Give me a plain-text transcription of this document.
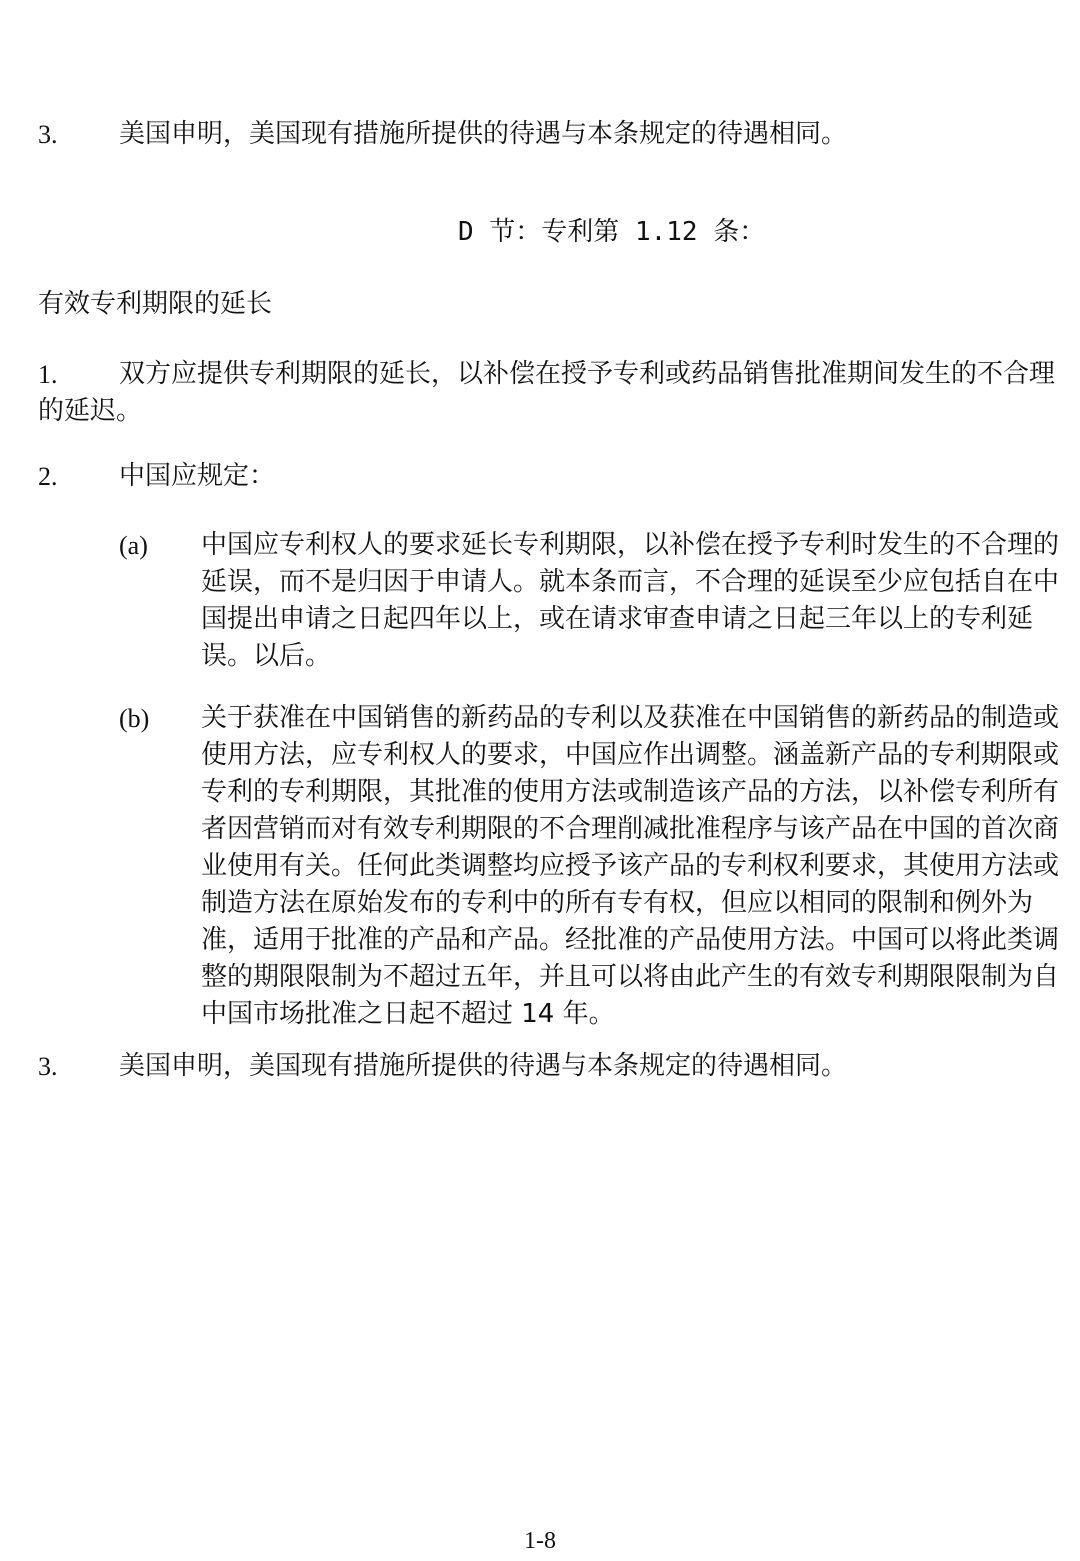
3. 美国申明，美国现有措施所提供的待遇与本条规定的待遇相同。
D 节：专利第 1.12 条：
有效专利期限的延长
1.	双方应提供专利期限的延长，以补偿在授予专利或药品销售批准期间发生的不合理的延迟。
2. 中国应规定：
(a) 中国应专利权人的要求延长专利期限，以补偿在授予专利时发生的不合理的延误，而不是归因于申请人。就本条而言，不合理的延误至少应包括自在中国提出申请之日起四年以上，或在请求审查申请之日起三年以上的专利延误。以后。
(b) 关于获准在中国销售的新药品的专利以及获准在中国销售的新药品的制造或使用方法，应专利权人的要求，中国应作出调整。涵盖新产品的专利期限或专利的专利期限，其批准的使用方法或制造该产品的方法，以补偿专利所有者因营销而对有效专利期限的不合理削减批准程序与该产品在中国的首次商业使用有关。任何此类调整均应授予该产品的专利权利要求，其使用方法或制造方法在原始发布的专利中的所有专有权，但应以相同的限制和例外为准，适用于批准的产品和产品。经批准的产品使用方法。中国可以将此类调整的期限限制为不超过五年，并且可以将由此产生的有效专利期限限制为自中国市场批准之日起不超过 14 年。
3. 美国申明，美国现有措施所提供的待遇与本条规定的待遇相同。
1-8
